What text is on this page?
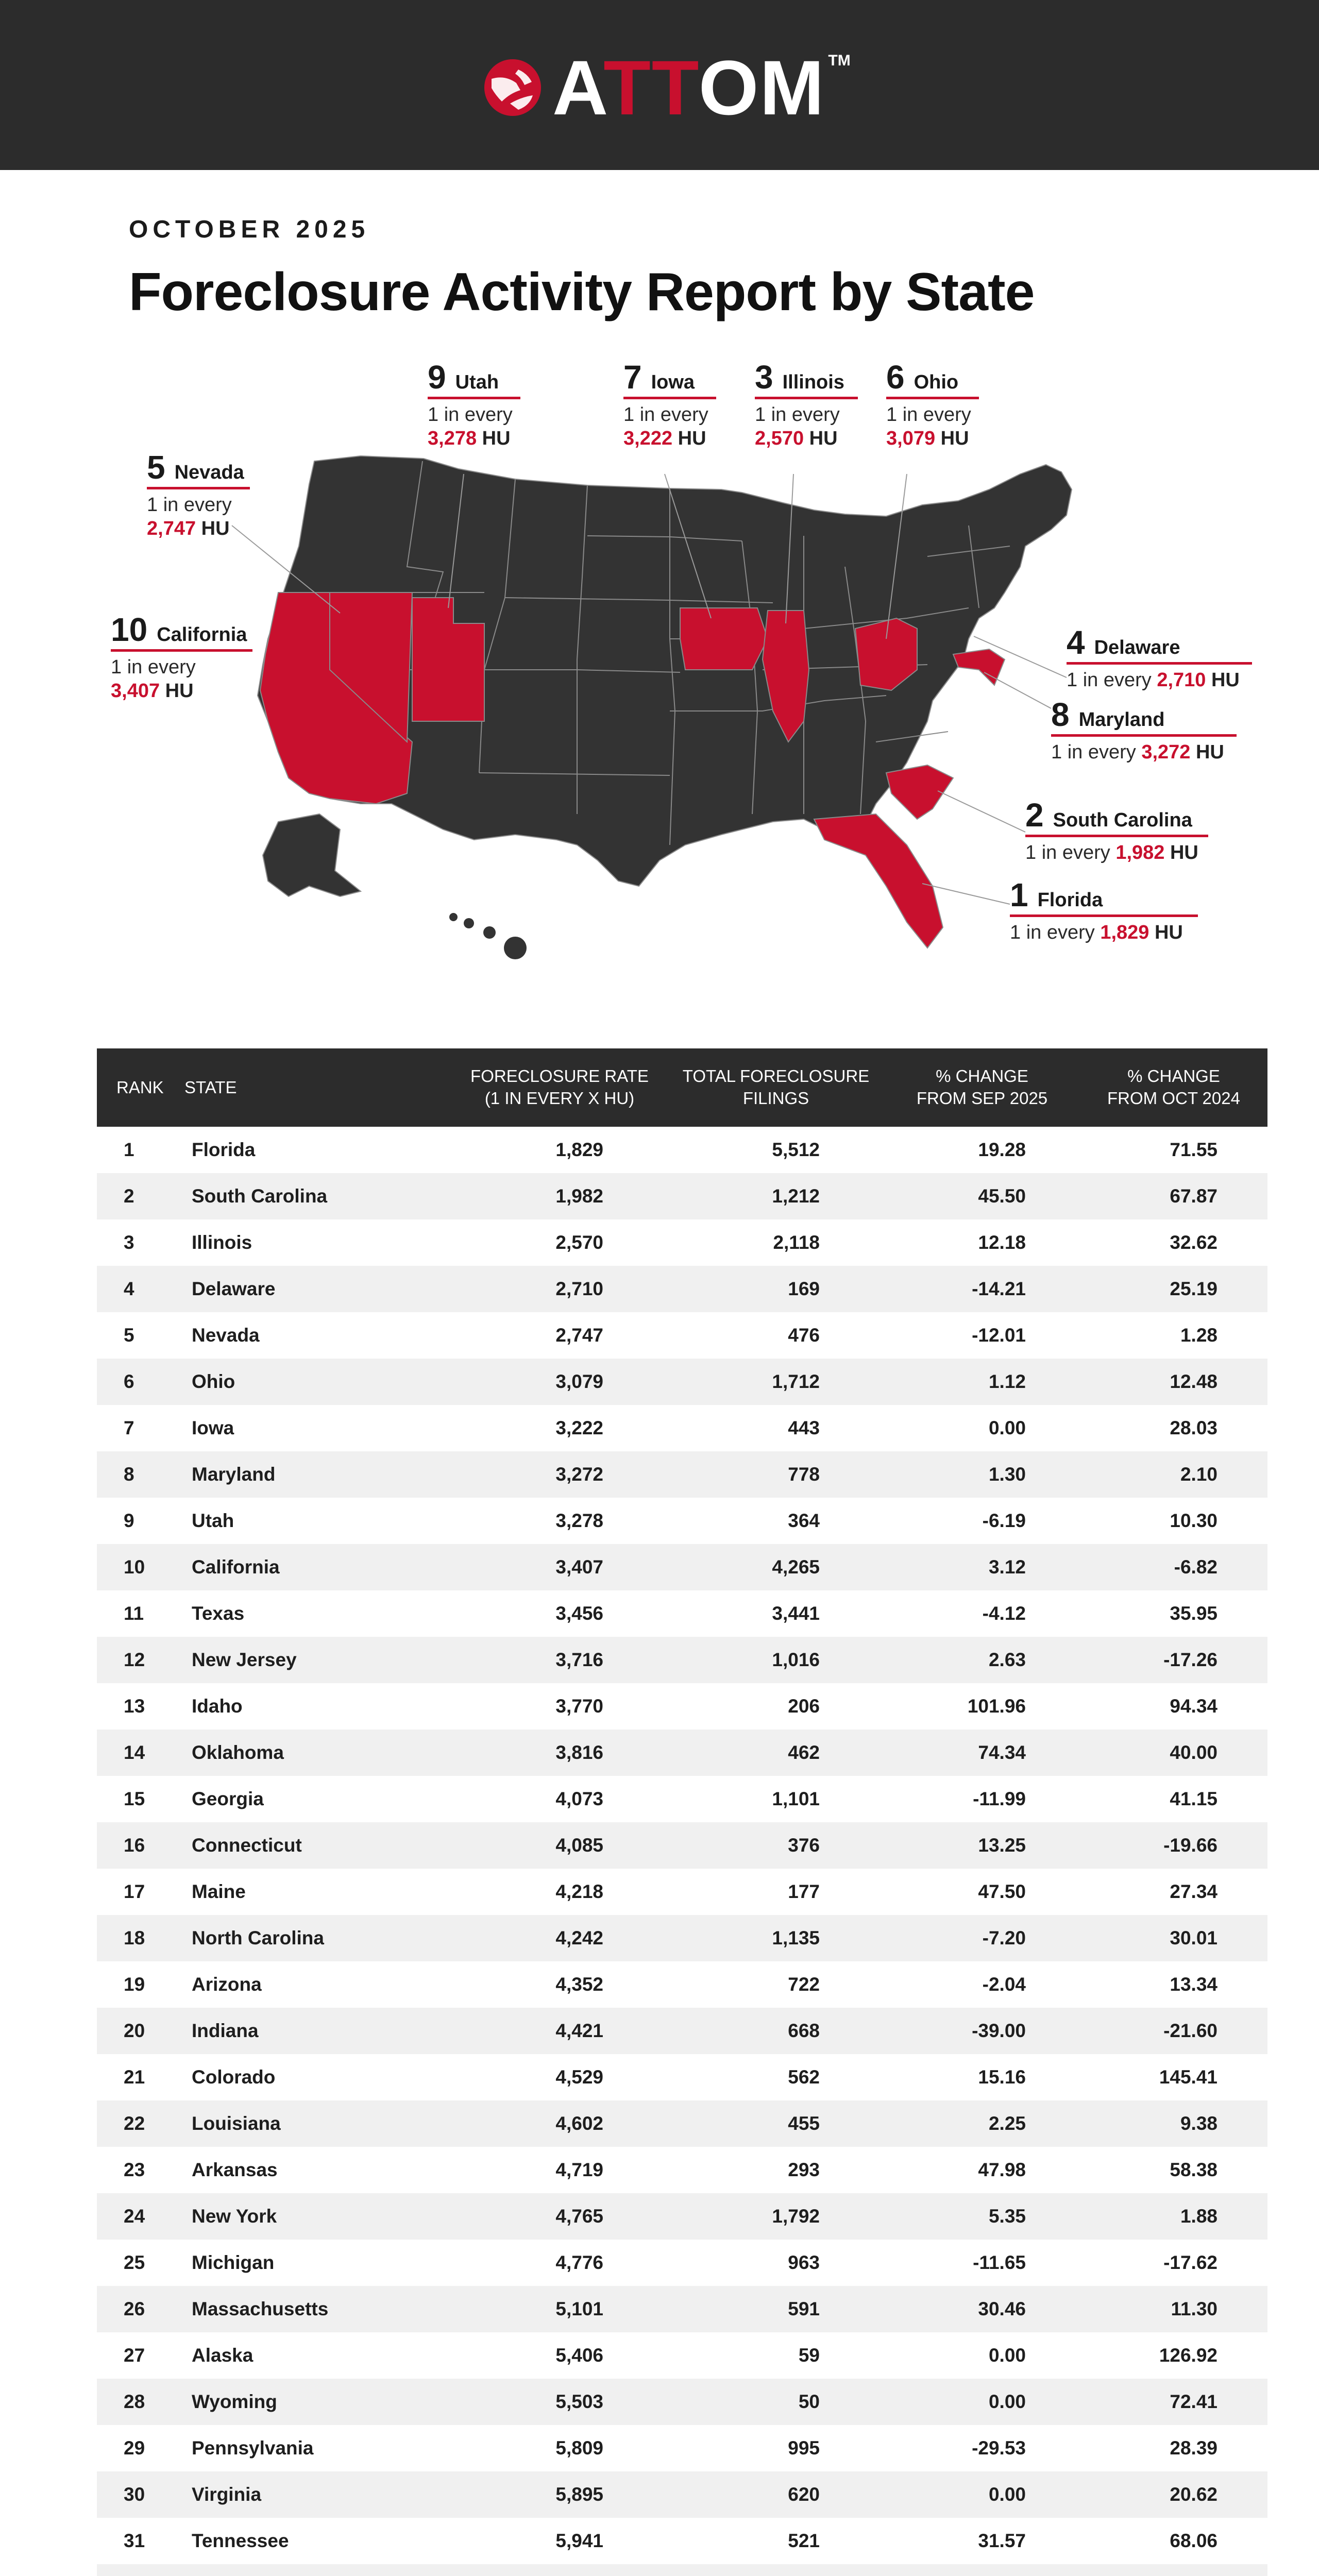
ATTOM TM
OCTOBER 2025
Foreclosure Activity Report by State
9 Utah
1 in every
3,278 HU
7 Iowa
1 in every
3,222 HU
3 Illinois
1 in every
2,570 HU
6 Ohio
1 in every
3,079 HU
5 Nevada
1 in every
2,747 HU
10 California
1 in every
3,407 HU
4 Delaware
1 in every 2,710 HU
8 Maryland
1 in every 3,272 HU
2 South Carolina
1 in every 1,982 HU
1 Florida
1 in every 1,829 HU
RANK	STATE
FORECLOSURE RATE
(1 IN EVERY X HU)
TOTAL FORECLOSURE
FILINGS
% CHANGE
FROM SEP 2025
% CHANGE
FROM OCT 2024
1	Florida	1,829	5,512	19.28	71.55
2	South Carolina	1,982	1,212	45.50	67.87
3	Illinois	2,570	2,118	12.18	32.62
4	Delaware	2,710	169	-14.21	25.19
5	Nevada	2,747	476	-12.01	1.28
6	Ohio	3,079	1,712	1.12	12.48
7	Iowa	3,222	443	0.00	28.03
8	Maryland	3,272	778	1.30	2.10
9	Utah	3,278	364	-6.19	10.30
10	California	3,407	4,265	3.12	-6.82
11	Texas	3,456	3,441	-4.12	35.95
12	New Jersey	3,716	1,016	2.63	-17.26
13	Idaho	3,770	206	101.96	94.34
14	Oklahoma	3,816	462	74.34	40.00
15	Georgia	4,073	1,101	-11.99	41.15
16	Connecticut	4,085	376	13.25	-19.66
17	Maine	4,218	177	47.50	27.34
18	North Carolina	4,242	1,135	-7.20	30.01
19	Arizona	4,352	722	-2.04	13.34
20	Indiana	4,421	668	-39.00	-21.60
21	Colorado	4,529	562	15.16	145.41
22	Louisiana	4,602	455	2.25	9.38
23	Arkansas	4,719	293	47.98	58.38
24	New York	4,765	1,792	5.35	1.88
25	Michigan	4,776	963	-11.65	-17.62
26	Massachusetts	5,101	591	30.46	11.30
27	Alaska	5,406	59	0.00	126.92
28	Wyoming	5,503	50	0.00	72.41
29	Pennsylvania	5,809	995	-29.53	28.39
30	Virginia	5,895	620	0.00	20.62
31	Tennessee	5,941	521	31.57	68.06
